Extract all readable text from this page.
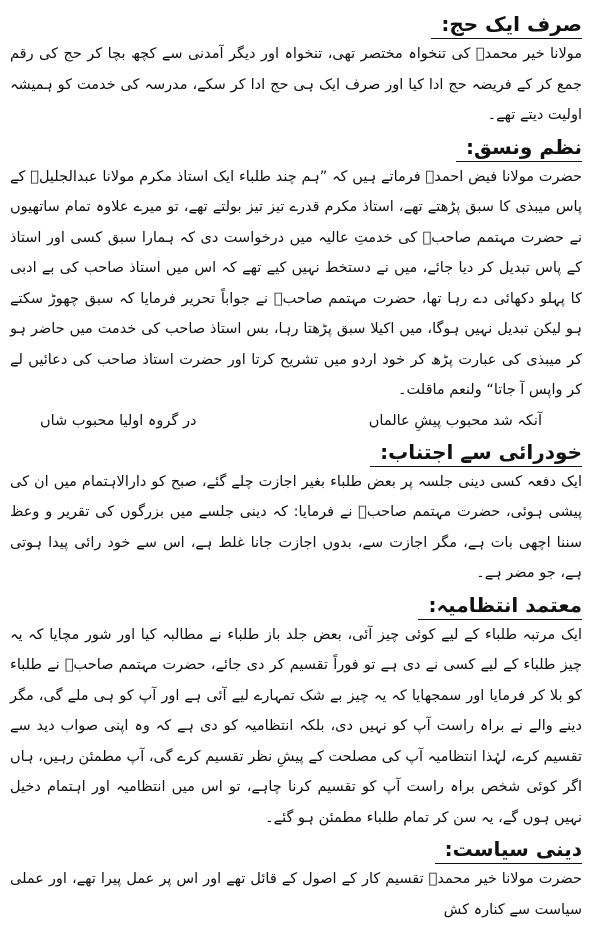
صرف ایک حج:

مولانا خیر محمدؒ کی تنخواہ مختصر تھی، تنخواہ اور دیگر آمدنی سے کچھ بچا کر حج کی رقم جمع کر کے فریضہ حج ادا کیا اور صرف ایک ہی حج ادا کر سکے، مدرسہ کی خدمت کو ہمیشہ اولیت دیتے تھے۔

نظم ونسق:

حضرت مولانا فیض احمدؒ فرماتے ہیں کہ ”ہم چند طلباء ایک استاذ مکرم مولانا عبدالجلیلؒ کے پاس میبذی کا سبق پڑھتے تھے، استاذ مکرم قدرے تیز تیز بولتے تھے، تو میرے علاوہ تمام ساتھیوں نے حضرت مہتمم صاحبؒ کی خدمتِ عالیہ میں درخواست دی کہ ہمارا سبق کسی اور استاذ کے پاس تبدیل کر دیا جائے، میں نے دستخط نہیں کیے تھے کہ اس میں استاذ صاحب کی بے ادبی کا پہلو دکھائی دے رہا تھا، حضرت مہتمم صاحبؒ نے جواباً تحریر فرمایا کہ سبق چھوڑ سکتے ہو لیکن تبدیل نہیں ہوگا، میں اکیلا سبق پڑھتا رہا، بس استاذ صاحب کی خدمت میں حاضر ہو کر میبذی کی عبارت پڑھ کر خود اردو میں تشریح کرتا اور حضرت استاذ صاحب کی دعائیں لے کر واپس آ جاتا“ ولنعم ماقلت۔

آنکہ شد محبوب پیشِ عالماں
در گروہ اولیا محبوب شاں
خودرائی سے اجتناب:

ایک دفعہ کسی دینی جلسہ پر بعض طلباء بغیر اجازت چلے گئے، صبح کو دارالاہتمام میں ان کی پیشی ہوئی، حضرت مہتمم صاحبؒ نے فرمایا: کہ دینی جلسے میں بزرگوں کی تقریر و وعظ سننا اچھی بات ہے، مگر اجازت سے، بدوں اجازت جانا غلط ہے، اس سے خود رائی پیدا ہوتی ہے، جو مضر ہے۔

معتمد انتظامیہ:

ایک مرتبہ طلباء کے لیے کوئی چیز آئی، بعض جلد باز طلباء نے مطالبہ کیا اور شور مچایا کہ یہ چیز طلباء کے لیے کسی نے دی ہے تو فوراً تقسیم کر دی جائے، حضرت مہتمم صاحبؒ نے طلباء کو بلا کر فرمایا اور سمجھایا کہ یہ چیز بے شک تمہارے لیے آئی ہے اور آپ کو ہی ملے گی، مگر دینے والے نے براہ راست آپ کو نہیں دی، بلکہ انتظامیہ کو دی ہے کہ وہ اپنی صواب دید سے تقسیم کرے، لہٰذا انتظامیہ آپ کی مصلحت کے پیشِ نظر تقسیم کرے گی، آپ مطمئن رہیں، ہاں اگر کوئی شخص براہ راست آپ کو تقسیم کرنا چاہے، تو اس میں انتظامیہ اور اہتمام دخیل نہیں ہوں گے، یہ سن کر تمام طلباء مطمئن ہو گئے۔

دینی سیاست:

حضرت مولانا خیر محمدؒ تقسیم کار کے اصول کے قائل تھے اور اس پر عمل پیرا تھے، اور عملی سیاست سے کنارہ کش
